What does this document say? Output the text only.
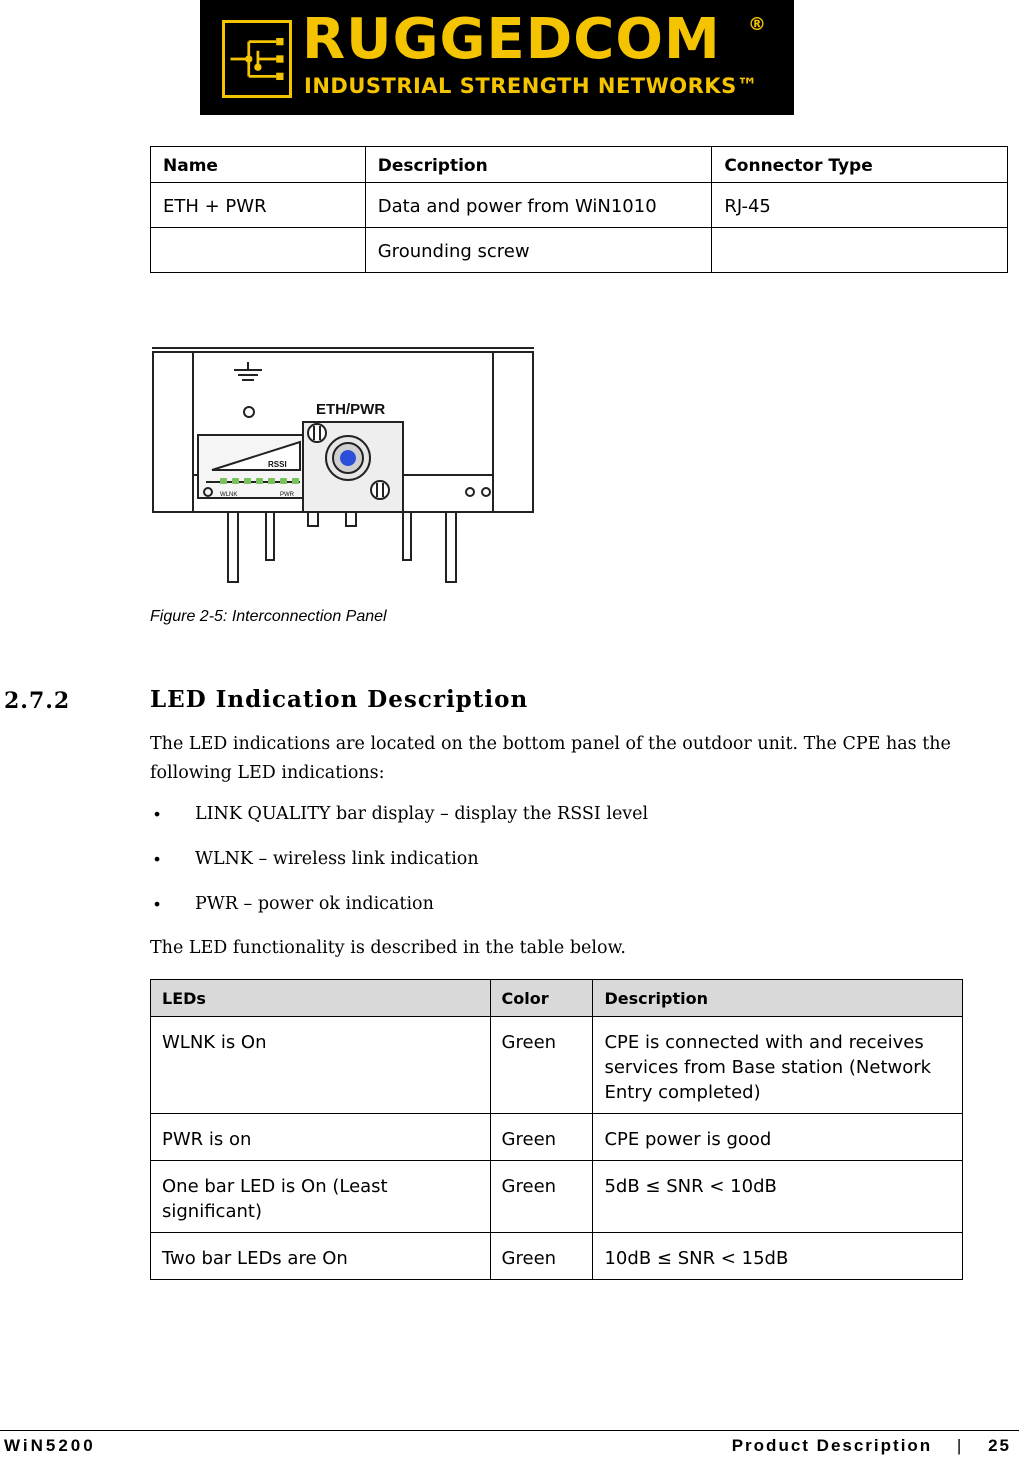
RUGGEDCOM ®
INDUSTRIAL STRENGTH NETWORKS™
Name	Description	Connector Type
ETH + PWR	Data and power from WiN1010	RJ-45
	Grounding screw	
ETH/PWR
RSSI
WLNK	PWR
Figure 2-5: Interconnection Panel
2.7.2	LED Indication Description
The LED indications are located on the bottom panel of the outdoor unit. The CPE has the following LED indications:
• LINK QUALITY bar display – display the RSSI level
• WLNK – wireless link indication
• PWR – power ok indication
The LED functionality is described in the table below.
LEDs	Color	Description
WLNK is On	Green	CPE is connected with and receives services from Base station (Network Entry completed)
PWR is on	Green	CPE power is good
One bar LED is On (Least significant)	Green	5dB ≤ SNR < 10dB
Two bar LEDs are On	Green	10dB ≤ SNR < 15dB
WiN5200	Product Description | 25
